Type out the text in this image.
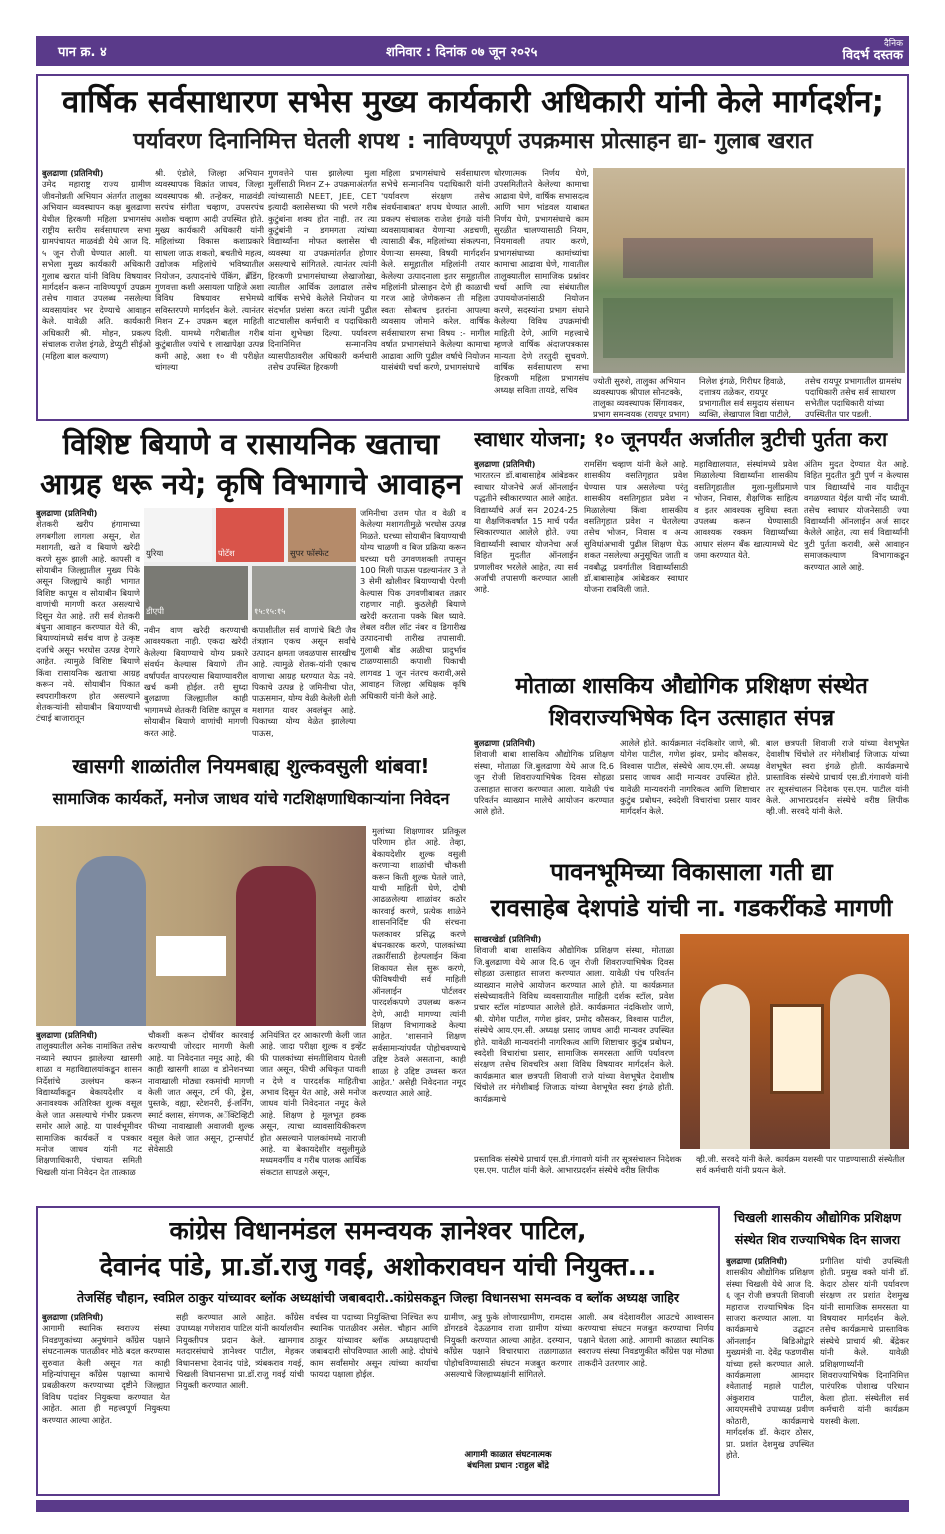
पान क्र. ४	शनिवार : दिनांक ०७ जून २०२५
दैनिक
विदर्भ दस्तक
वार्षिक सर्वसाधारण सभेस मुख्य कार्यकारी अधिकारी यांनी केले मार्गदर्शन;
पर्यावरण दिनानिमित्त घेतली शपथ : नाविण्यपूर्ण उपक्रमास प्रोत्साहन द्या- गुलाब खरात
बुलढाणा (प्रतिनिधी)
उमेद महाराष्ट्र राज्य ग्रामीण जीवनोन्नती अभियान अंतर्गत तालुका अभियान व्यवस्थापन कक्ष बुलढाणा येथील हिरकणी महिला प्रभागसंघ राष्ट्रीय स्तरीय सर्वसाधारण सभा ग्रामपंचायत माळवंडी येथे आज दि. ५ जून रोजी घेण्यात आली. या सभेला मुख्य कार्यकारी अधिकारी गुलाब खरात यांनी विविध विषयावर मार्गदर्शन करून नाविण्यपूर्ण उपक्रम तसेच गावात उपलब्ध नसलेल्या व्यवसायांवर भर देण्याचे आवाहन केले. यावेळी अति. कार्यकारी अधिकारी श्री. मोहन, प्रकल्प संचालक राजेश इंगळे, डेप्युटी सीईओ (महिला बाल कल्याण)
श्री. एंडोले, जिल्हा अभियान व्यवस्थापक विक्रांत जाधव, जिल्हा व्यवस्थापक श्री. तन्हेकर, माळवंडी सरपंच संगीता चव्हाण, उपसरपंच अशोक चव्हाण आदी उपस्थित होते. मुख्य कार्यकारी अधिकारी यांनी महिलांच्या विकास कशाप्रकारे साधला जाऊ शकतो, बचतीचे महत्व, उद्योजक महिलांचे भविष्यातील नियोजन, उत्पादनांचे पॅकिंग, ब्रँडिंग, गुणवत्ता कशी असायला पाहिजे अशा विविध विषयावर सभेमध्ये सविस्तरपणे मार्गदर्शन केले. त्यानंतर मिशन Z+ उपक्रम बद्दल माहिती दिली. यामध्ये गरीबातील गरीब कुटुंबातील ज्यांचे १ लाखापेक्षा उत्पन्न कमी आहे, अशा १० वी परीक्षेत चांगल्या
गुणवत्तेने पास झालेल्या मुला मुलींसाठी मिशन Z+ उपक्रमाअंतर्गत त्यांच्यासाठी NEET, JEE, CET इत्यादी क्लासेसच्या फी भरणे गरीब कुटुंबांना शक्य होत नाही. तर त्या कुटुंबांनी न डगमगता त्यांच्या विद्यार्थ्यांना मोफत क्लासेस ची व्यवस्था या उपक्रमांतर्गत होणार असल्याचे सांगितले. त्यानंतर त्यांनी हिरकणी प्रभागसंघाच्या लेखाजोखा, त्यातील आर्थिक उलाढाल तसेच वार्षिक सभेचे केलेले नियोजन या संदर्भात प्रशंसा करत त्यांनी पुढील वाटचालीस कर्मचारी व पदाधिकारी यांना शुभेच्छा दिल्या. पर्यावरण दिनानिमित्त सन्माननिय व्यासपीठावरील अधिकारी कर्मचारी तसेच उपस्थित हिरकणी
महिला प्रभागसंघाचे सर्वसाधारण सभेचे सन्माननिय पदाधिकारी यांनी 'पर्यावरण संरक्षण तसेच संवर्धनाबाबत' शपथ घेण्यात आली. प्रकल्प संचालक राजेश इंगळे यांनी व्यवसायाबाबत येणाऱ्या अडचणी, त्यासाठी बँक, महिलांच्या संकल्पना, येणाऱ्या समस्या, विषयी मार्गदर्शन केले. समूहातील महिलांनी तयार केलेल्या उत्पादनाला इतर समूहातील महिलांनी प्रोत्साहन देणे ही काळाची गरज आहे जेणेकरून ती महिला स्वतः सोबतच इतरांना आपल्या व्यवसाय जोमाने करेल. वार्षिक सर्वसाधारण सभा विषय :- मागील वर्षात प्रभागसंघाने केलेल्या कामाचा आढावा आणि पुढील वर्षाचे नियोजन यासंबंधी चर्चा करणे, प्रभागसंघाचे
धोरणात्मक निर्णय घेणे, उपसमितीतने केलेल्या कामाचा आढावा घेणे, वार्षिक सभासदत्व आणि भाग भांडवल याबाबत निर्णय घेणे, प्रभागसंघाचे काम सुरळीत चालण्यासाठी नियम, नियमावली तयार करणे, प्रभागसंघाच्या कामांच्यांचा कामाचा आढावा घेणे, गावातील तालुक्यातील सामाजिक प्रश्नांवर चर्चा आणि त्या संबंधातील उपाययोजनांसाठी नियोजन करणे, सदस्यांना प्रभाग संघाने केलेल्या विविध उपक्रमांची माहिती देणे, आणि महत्त्वाचे म्हणजे वार्षिक अंदाजपत्रकास मान्यता देणे तरतुदी सुचवणे. वार्षिक सर्वसाधारण सभा हिरकणी महिला प्रभागसंघ अध्यक्ष सविता तायडे, सचिव
ज्योती सुरुशे, तालुका अभियान व्यवस्थापक श्रीपाल सोनटक्के, तालुका व्यवस्थापक सिंगावकर, प्रभाग समन्वयक (रायपूर प्रभाग)
निलेश इंगळे, गिरीधर हिवाळे, दत्तात्रय तळेकर, रायपूर प्रभागातील सर्व समुदाय संसाधन व्यक्ति, लेखापाल विद्या पाटीले,
तसेच रायपूर प्रभागातील ग्रामसंघ पदाधिकारी तसेच सर्व साधारण सभेतील पदाधिकारी यांच्या उपस्थितीत पार पडली.
विशिष्ट बियाणे व रासायनिक खताचा
आग्रह धरू नये; कृषि विभागाचे आवाहन
बुलढाणा (प्रतिनिधी)
शेतकरी खरीप हंगामाच्या लगबगीला लागला असून, शेत मशागती, खते व बियाणे खरेदी करणे सुरू झाली आहे. कापसी व सोयाबीन जिल्ह्यातील मुख्य पिके असून जिल्ह्याचे काही भागात विशिष्ट कापूस व सोयाबीन बियाणे वाणांची मागणी करत असल्याचे दिसून येत आहे. तरी सर्व शेतकरी बंधुना आवाहन करण्यात येते की, बियाण्यांमध्ये सर्वच वाण हे उत्कृष्ट दर्जाचे असून भरघोस उत्पन्न देणारे आहेत. त्यामुळे विशिष्ट बियाणे किंवा रासायनिक खताचा आग्रह करून नये. सोयाबीन पिकात स्वपरागीकरण होत असल्याने शेतकऱ्यांनी सोयाबीन बियाण्याची टंचाई बाजारातून
युरिया	पोटॅश	सुपर फॉस्फेट
डीएपी	१५:१५:१५
नवीन वाण खरेदी करण्याची आवश्यकता नाही. एकदा खरेदी केलेल्या बियाण्याचे योग्य प्रकारे संवर्धन केल्यास बियाणे तीन वर्षांपर्यंत वापरल्यास बियाण्यावरील खर्च कमी होईल. तरी सुध्दा बुलढाणा जिल्ह्यातील काही भागामध्ये शेतकरी विशिष्ट कापूस व सोयाबीन बियाणे वाणांची मागणी करत आहे.
कपाशीतील सर्व वाणांचे बिटी जैव तंत्रज्ञान एकच असून सर्वांचे उत्पादन क्षमता जवळपास सारखीच आहे. त्यामुळे शेतक-यांनी एकाच वाणाचा आग्रह धरण्यात येऊ नये. पिकाचे उत्पन्न हे जमिनीचा पोत, पाऊसमान, योग्य वेळी केलेली शेती मशागत यावर अवलंबून आहे. पिकाच्या योग्य वेळेत झालेल्या पाऊस,
जमिनीचा उत्तम पोत व वेळी व केलेल्या मशागतीमुळे भरघोस उत्पन्न मिळते. घरच्या सोयाबीन बियाण्याची योग्य चाळणी व बिज प्रक्रिया करून घरच्या घरी उगवणशक्ती तपासून 100 मिली पाऊस पडल्यानंतर 3 ते 3 सेमी खोलीवर बियाण्याची पेरणी केल्यास पिक उगवणीबाबत तक्रार राहणार नाही. कुठलेही बियाणे खरेदी करताना पक्के बिल घ्यावे. लेबल वरील लॉट नंबर व डिगारीख उत्पादनाची तारीख तपासावी. गुलाबी बोंड अळीचा प्रादुर्भाव टाळण्यासाठी कपाशी पिकाची लागवड 1 जून नंतरच करावी,असे आवाहन जिल्हा अधिक्षक कृषि अधिकारी यांनी केले आहे.
स्वाधार योजना; १० जूनपर्यंत अर्जातील त्रुटीची पुर्तता करा
बुलढाणा (प्रतिनिधी)
भारतरत्न डॉ.बाबासाहेब आंबेडकर स्वाधार योजनेचे अर्ज ऑनलाईन पद्धतीने स्वीकारण्यात आले आहेत. विद्यार्थ्यांचे अर्ज सन 2024-25 या शैक्षणिकवर्षात 15 मार्च पर्यंत स्विकारण्यात आलेले होते. ज्या विद्यार्थ्यांनी स्वाधार योजनेचा अर्ज विहित मुदतीत ऑनलाईन प्रणालीवर भरलेले आहेत, त्या सर्व अर्जांची तपासणी करण्यात आली आहे.
रामसिंग चव्हाण यांनी केले आहे. शासकीय वसतिगृहात प्रवेश घेण्यास पात्र असलेल्या परंतु शासकीय वसतिगृहात प्रवेश न मिळालेल्या किंवा शासकीय वसतिगृहात प्रवेश न घेतलेल्या तसेच भोजन, निवास व अन्य सुविधांअभावी पुढील शिक्षण घेऊ शकत नसलेल्या अनुसूचित जाती व नवबौद्ध प्रवर्गातील विद्यार्थ्यांसाठी डॉ.बाबासाहेब आंबेडकर स्वाधार योजना राबविली जाते.
महाविद्यालयात, संस्थांमध्ये प्रवेश मिळालेल्या विद्यार्थ्यांना शासकीय वसतिगृहातील मुला-मुलींप्रमाणे भोजन, निवास, शैक्षणिक साहित्य व इतर आवश्यक सुविधा स्वतः उपलब्ध करून घेण्यासाठी आवश्यक रक्कम विद्यार्थ्यांच्या आधार संलग्न बँक खात्यामध्ये थेट जमा करण्यात येते.
अंतिम मुदत देण्यात येत आहे. विहित मुदतीत त्रुटी पुर्ण न केल्यास पात्र विद्यार्थ्यांचे नाव यादीतून वगळण्यात येईल याची नोंद घ्यावी. तसेच स्वाधार योजनेसाठी ज्या विद्यार्थ्यांनी ऑनलाईन अर्ज सादर केलेले आहेत, त्या सर्व विद्यार्थ्यांनी त्रुटी पुर्तता करावी, असे आवाहन समाजकल्याण विभागाकडून करण्यात आले आहे.
मोताळा शासकिय औद्योगिक प्रशिक्षण संस्थेत
शिवराज्यभिषेक दिन उत्साहात संपन्न
बुलढाणा (प्रतिनिधी)
शिवाजी बाबा शासकिय औद्योगिक प्रशिक्षण संस्था, मोताळा जि.बुलढाणा येथे आज दि.6 जून रोजी शिवराज्याभिषेक दिवस सोहळा उत्साहात साजरा करण्यात आला. यावेळी पंच परिवर्तन व्याख्यान मालेचे आयोजन करण्यात आले होते.
आलेले होते. कार्यक्रमात नंदकिशोर जाणे, श्री. योगेश पाटील, गणेश झंवर, प्रमोद कौसकर, विश्वास पाटील, संस्थेचे आय.एम.सी. अध्यक्ष प्रसाद जाधव आदी मान्यवर उपस्थित होते. यावेळी मान्यवरांनी नागरिकत्व आणि शिष्टाचार कुटुंब प्रबोधन, स्वदेशी विचारांचा प्रसार यावर मार्गदर्शन केले.
बाल छत्रपती शिवाजी राजे यांच्या वेशभूषेत देवाशीष चिंचोले तर मंगेशीबाई जिजाऊ यांच्या वेशभूषेत स्वरा इंगळे होती. कार्यक्रमाचे प्रास्ताविक संस्थेचे प्राचार्य एस.डी.गंगावणे यांनी तर सूत्रसंचालन निदेशक एस.एम. पाटील यांनी केले. आभारप्रदर्शन संस्थेचे वरीष्ठ लिपीक व्ही.जी. सरवदे यांनी केले.
खासगी शाळांतील नियमबाह्य शुल्कवसुली थांबवा!
सामाजिक कार्यकर्ते, मनोज जाधव यांचे गटशिक्षणाधिकाऱ्यांना निवेदन
मुलांच्या शिक्षणावर प्रतिकूल परिणाम होत आहे. तेव्हा, बेकायदेशीर शुल्क वसुली करणाऱ्या शाळांची चौकशी करून किती शुल्क घेतले जाते, याची माहिती घेणे, दोषी आढळलेल्या शाळांवर कठोर कारवाई करणे, प्रत्येक शाळेने शासननिर्दिष्ट फी संरचना फलकावर प्रसिद्ध करणे बंधनकारक करणे, पालकांच्या तक्रारींसाठी हेल्पलाईन किंवा शिकायत सेल सुरू करणे, फीविषयीची सर्व माहिती ऑनलाईन पोर्टलवर पारदर्शकपणे उपलब्ध करून देणे, आदी मागण्या त्यांनी शिक्षण विभागाकडे केल्या आहेत. 'शासनाने शिक्षण सर्वसामान्यांपर्यंत पोहोचवण्याचे उद्दिष्ट ठेवले असताना, काही शाळा हे उद्दिष्ट उध्वस्त करत आहेत.' असेही निवेदनात नमूद करण्यात आले आहे.
बुलढाणा (प्रतिनिधी)
तालुक्यातील अनेक नामांकित तसेच नव्याने स्थापन झालेल्या खासगी शाळा व महाविद्यालयांकडून शासन निर्देशांचे उल्लंघन करून विद्यार्थ्यांकडून बेकायदेशीर व अनावश्यक अतिरिक्त शुल्क वसूल केले जात असल्याचे गंभीर प्रकरण समोर आले आहे. या पार्श्वभूमीवर सामाजिक कार्यकर्ते व पत्रकार मनोज जाधव यांनी गट शिक्षणाधिकारी, पंचायत समिती चिखली यांना निवेदन देत तात्काळ
चौकशी करून दोषींवर कारवाई करण्याची जोरदार मागणी केली आहे. या निवेदनात नमूद आहे, की काही खासगी शाळा व डोनेशनच्या नावाखाली मोठ्या रकमांची मागणी केली जात असून, टर्म फी, ड्रेस, पुस्तके, वह्या, स्टेशनरी, ई-लर्निंग, स्मार्ट क्लास, संगणक, अॅक्टिव्हिटी फीच्या नावाखाली अवाजवी शुल्क वसूल केले जात असून, ट्रान्सपोर्ट सेवेसाठी
अनियंत्रित दर आकारणी केली जात आहे. जादा परीक्षा शुल्क व इव्हेंट फी पालकांच्या संमतीशिवाय घेतली जात असून, फीची अधिकृत पावती न देणे व पारदर्शक माहितीचा अभाव दिसून येत आहे, असे मनोज जाधव यांनी निवेदनात नमूद केले आहे. शिक्षण हे मूलभूत हक्क असून, त्याचा व्यावसायिकीकरण होत असल्याने पालकांमध्ये नाराजी आहे. या बेकायदेशीर वसुलीमुळे मध्यमवर्गीय व गरीब पालक आर्थिक संकटात सापडले असून,
पावनभूमिच्या विकासाला गती द्या
रावसाहेब देशपांडे यांची ना. गडकरींकडे मागणी
साखरखेर्डा (प्रतिनिधी)
शिवाजी बाबा शासकिय औद्योगिक प्रशिक्षण संस्था, मोताळा जि.बुलढाणा येथे आज दि.6 जून रोजी शिवराज्याभिषेक दिवस सोहळा उत्साहात साजरा करण्यात आला. यावेळी पंच परिवर्तन व्याख्यान मालेचे आयोजन करण्यात आले होते. या कार्यक्रमात संस्थेच्यावतीने विविध व्यवसायातील माहिती दर्शक स्टॉल, प्रवेश प्रचार स्टॉल मांडण्यात आलेले होते. कार्यक्रमात नंदकिशोर जाणे, श्री. योगेश पाटील, गणेश झंवर, प्रमोद कौसकर, विश्वास पाटील, संस्थेचे आय.एम.सी. अध्यक्ष प्रसाद जाधव आदी मान्यवर उपस्थित होते. यावेळी मान्यवरांनी नागरिकत्व आणि शिष्टाचार कुटुंब प्रबोधन, स्वदेशी विचारांचा प्रसार, सामाजिक समरसता आणि पर्यावरण संरक्षण तसेच शिवचरित्र अशा विविध विषयावर मार्गदर्शन केले. कार्यक्रमात बाल छत्रपती शिवाजी राजे यांच्या वेशभूषेत देवाशीष चिंचोले तर मंगेशीबाई जिजाऊ यांच्या वेशभूषेत स्वरा इंगळे होती. कार्यक्रमाचे
प्रस्ताविक संस्थेचे प्राचार्य एस.डी.गंगावणे यांनी तर सूत्रसंचालन निदेशक एस.एम. पाटील यांनी केले. आभारप्रदर्शन संस्थेचे वरीष्ठ लिपीक
व्ही.जी. सरवदे यांनी केले. कार्यक्रम यशस्वी पार पाडण्यासाठी संस्थेतील सर्व कर्मचारी यांनी प्रयत्न केले.
कांग्रेस विधानमंडल समन्वयक ज्ञानेश्वर पाटिल,
देवानंद पांडे, प्रा.डॉ.राजु गवई, अशोकरावघन यांची नियुक्त...
तेजसिंह चौहान, स्वप्निल ठाकुर यांच्यावर ब्लॉक अध्यक्षांची जबाबदारी..कांग्रेसकडून जिल्हा विधानसभा समन्वक व ब्लॉक अध्यक्ष जाहिर
बुलढाणा (प्रतिनिधी)
आगामी स्थानिक स्वराज्य संस्था निवडणुकांच्या अनुषंगाने काँग्रेस पक्षाने संघटनात्मक पातळीवर मोठे बदल करण्यास सुरुवात केली असून गत काही महिन्यांपासून काँग्रेस पक्षाच्या कामाचे प्रबळीकरण करण्याच्या दृष्टीने जिल्ह्यात विविध पदांवर नियुक्त्या करण्यात येत आहेत. आता ही महत्त्वपूर्ण नियुक्त्या करण्यात आल्या आहेत.
सही करण्यात आले आहेत. काँग्रेस उपाध्यक्ष गणेशराव पाटिल यांनी कार्यालयीन नियुक्तीपत्र प्रदान केले. खामगाव मतदारसंघाचे ज्ञानेश्वर पाटील, मेहकर विधानसभा देवानंद पांडे, त्र्यंबकराव गवई, चिखली विधानसभा प्रा.डॉ.राजु गवई यांची नियुक्ती करण्यात आली.
वर्चस्व या पदाच्या नियुक्तिचा निश्चित रूप स्थानिक पातळीवर असेल. चौहान आणि ठाकूर यांच्यावर ब्लॉक अध्यक्षपदाची जबाबदारी सोपविण्यात आली आहे. दोघांचे काम सर्वांसमोर असून त्यांच्या कार्याचा फायदा पक्षाला होईल.
ग्रामीण, अत्रु फुके लोणारग्रामीण, रामदास डोंगरडवे देऊळगाव राजा ग्रामीण यांच्या नियुक्ती करण्यात आल्या आहेत. दरम्यान, काँग्रेस पक्षाने विचारधारा तळागाळात पोहोचविण्यासाठी संघटन मजबुत करणार असल्याचे जिल्हाध्यक्षांनी सांगितले.
आगामी काळात संघटनात्मक
बंधनिला प्रधान :राहुल बोंद्रे
आली. अब वंदेशावरील आउटचे आश्वासन करण्याचा संघटन मजबुत करण्याचा निर्णय पक्षाने घेतला आहे. आगामी काळात स्थानिक स्वराज्य संस्था निवडणुकीत काँग्रेस पक्ष मोठ्या ताकदीने उतरणार आहे.
चिखली शासकीय औद्योगिक प्रशिक्षण
संस्थेत शिव राज्याभिषेक दिन साजरा
बुलढाणा (प्रतिनिधी)
शासकीय औद्योगिक प्रशिक्षण संस्था चिखली येथे आज दि. ६ जून रोजी छत्रपती शिवाजी महाराज राज्याभिषेक दिन साजरा करण्यात आला. या कार्यक्रमाचे उद्घाटन ऑनलाईन बिडिओद्वारे मुख्यमंत्री ना. देवेंद्र फडणवीस यांच्या हस्ते करण्यात आले. कार्यक्रमाला आमदार श्वेताताई महाले पाटील, अंकुशराव पाटील, आयएमसीचे उपाध्यक्ष प्रवीण कोठारी, कार्यक्रमाचे मार्गदर्शक डॉ. केदार ठोसर, प्रा. प्रशांत देशमुख उपस्थित होते.
प्रगीतिश यांची उपस्थिती होती. प्रमुख वक्ते यांनी डॉ. केदार ठोसर यांनी पर्यावरण संरक्षण तर प्रशांत देशमुख यांनी सामाजिक समरसता या विषयावर मार्गदर्शन केले. तसेच कार्यक्रमाचे प्रास्ताविक संस्थेचे प्राचार्य श्री. बेंद्रेकर यांनी केले. यावेळी प्रशिक्षणार्थ्यांनी शिवराज्याभिषेक दिनानिमित्त पारंपरिक पोशाख परिधान केला होता. संस्थेतील सर्व कर्मचारी यांनी कार्यक्रम यशस्वी केला.
